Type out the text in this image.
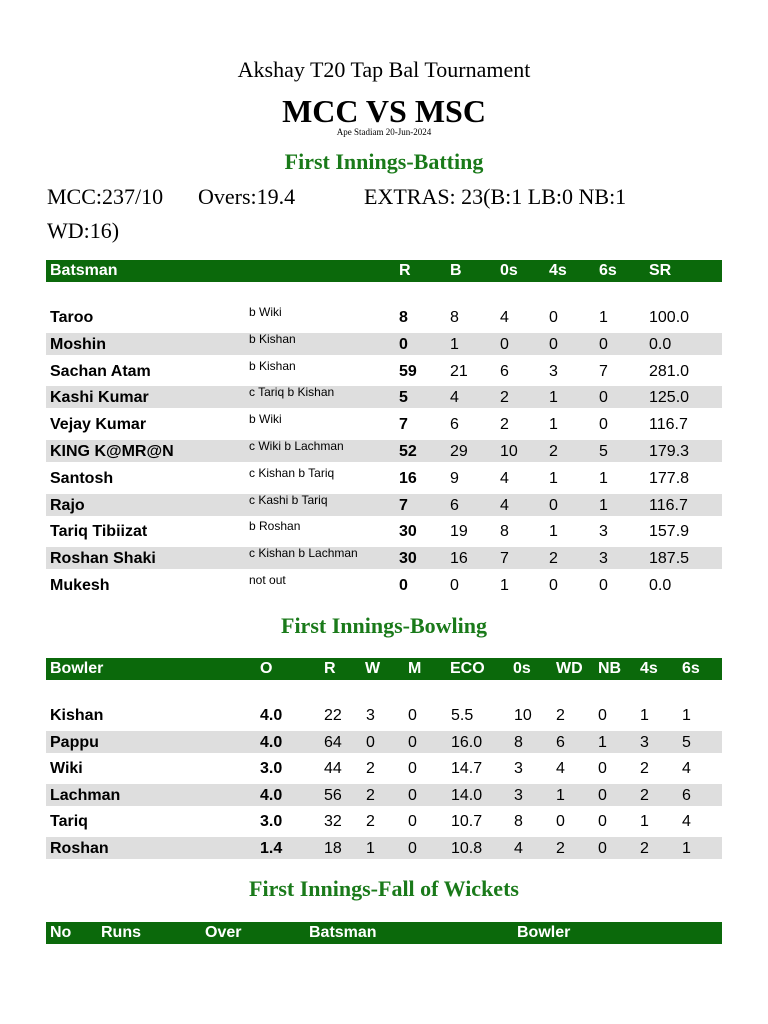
Akshay T20 Tap Bal Tournament
MCC VS MSC
Ape Stadiam 20-Jun-2024
First Innings-Batting
MCC:237/10 Overs:19.4	EXTRAS: 23(B:1 LB:0 NB:1
WD:16)
Batsman	R B 0s 4s 6s SR
Taroo	b Wiki	8	8	4	0	1	100.0
Moshin	b Kishan	0	1	0	0	0	0.0
Sachan Atam	b Kishan	59 21 6	3	7	281.0
Kashi Kumar	c Tariq b Kishan	5	4	2	1	0	125.0
Vejay Kumar	b Wiki	7	6	2	1	0	116.7
KING K@MR@N	c Wiki b Lachman	52 29 10 2	5	179.3
Santosh	c Kishan b Tariq	16 9	4	1	1	177.8
Rajo	c Kashi b Tariq	7	6	4	0	1	116.7
Tariq Tibiizat	b Roshan	30 19 8	1	3	157.9
Roshan Shaki	c Kishan b Lachman	30 16 7	2	3	187.5
Mukesh	not out	0	0	1	0	0	0.0
First Innings-Bowling
Bowler	O	R W M ECO 0s WD NB 4s 6s
Kishan	4.0	22 3 0 5.5	10 2 0 1 1
Pappu	4.0	64 0 0 16.0 8 6 1 3 5
Wiki	3.0	44 2 0 14.7 3 4 0 2 4
Lachman	4.0	56 2 0 14.0 3 1 0 2 6
Tariq	3.0	32 2 0 10.7 8 0 0 1 4
Roshan	1.4	18 1 0 10.8 4 2 0 2 1
First Innings-Fall of Wickets
No Runs	Over	Batsman	Bowler
